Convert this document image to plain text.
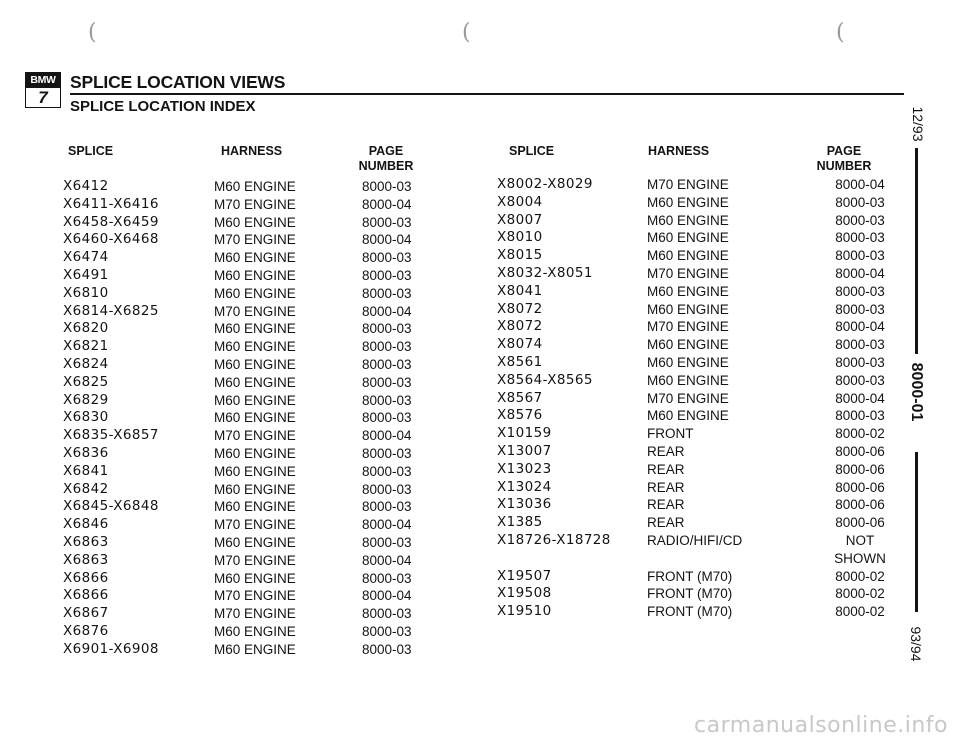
(	(	(
BMW
7
SPLICE LOCATION VIEWS
SPLICE LOCATION INDEX
SPLICE	HARNESS	PAGE
NUMBER
SPLICE	HARNESS	PAGE
NUMBER
X6412	M60 ENGINE	8000-03
X6411-X6416	M70 ENGINE	8000-04
X6458-X6459	M60 ENGINE	8000-03
X6460-X6468	M70 ENGINE	8000-04
X6474	M60 ENGINE	8000-03
X6491	M60 ENGINE	8000-03
X6810	M60 ENGINE	8000-03
X6814-X6825	M70 ENGINE	8000-04
X6820	M60 ENGINE	8000-03
X6821	M60 ENGINE	8000-03
X6824	M60 ENGINE	8000-03
X6825	M60 ENGINE	8000-03
X6829	M60 ENGINE	8000-03
X6830	M60 ENGINE	8000-03
X6835-X6857	M70 ENGINE	8000-04
X6836	M60 ENGINE	8000-03
X6841	M60 ENGINE	8000-03
X6842	M60 ENGINE	8000-03
X6845-X6848	M60 ENGINE	8000-03
X6846	M70 ENGINE	8000-04
X6863	M60 ENGINE	8000-03
X6863	M70 ENGINE	8000-04
X6866	M60 ENGINE	8000-03
X6866	M70 ENGINE	8000-04
X6867	M70 ENGINE	8000-03
X6876	M60 ENGINE	8000-03
X6901-X6908	M60 ENGINE	8000-03
X8002-X8029	M70 ENGINE	8000-04
X8004	M60 ENGINE	8000-03
X8007	M60 ENGINE	8000-03
X8010	M60 ENGINE	8000-03
X8015	M60 ENGINE	8000-03
X8032-X8051	M70 ENGINE	8000-04
X8041	M60 ENGINE	8000-03
X8072	M60 ENGINE	8000-03
X8072	M70 ENGINE	8000-04
X8074	M60 ENGINE	8000-03
X8561	M60 ENGINE	8000-03
X8564-X8565	M60 ENGINE	8000-03
X8567	M70 ENGINE	8000-04
X8576	M60 ENGINE	8000-03
X10159	FRONT	8000-02
X13007	REAR	8000-06
X13023	REAR	8000-06
X13024	REAR	8000-06
X13036	REAR	8000-06
X1385	REAR	8000-06
X18726-X18728	RADIO/HIFI/CD	NOT
		SHOWN
X19507	FRONT (M70)	8000-02
X19508	FRONT (M70)	8000-02
X19510	FRONT (M70)	8000-02
12/93
8000-01
93/94
carmanualsonline.info
